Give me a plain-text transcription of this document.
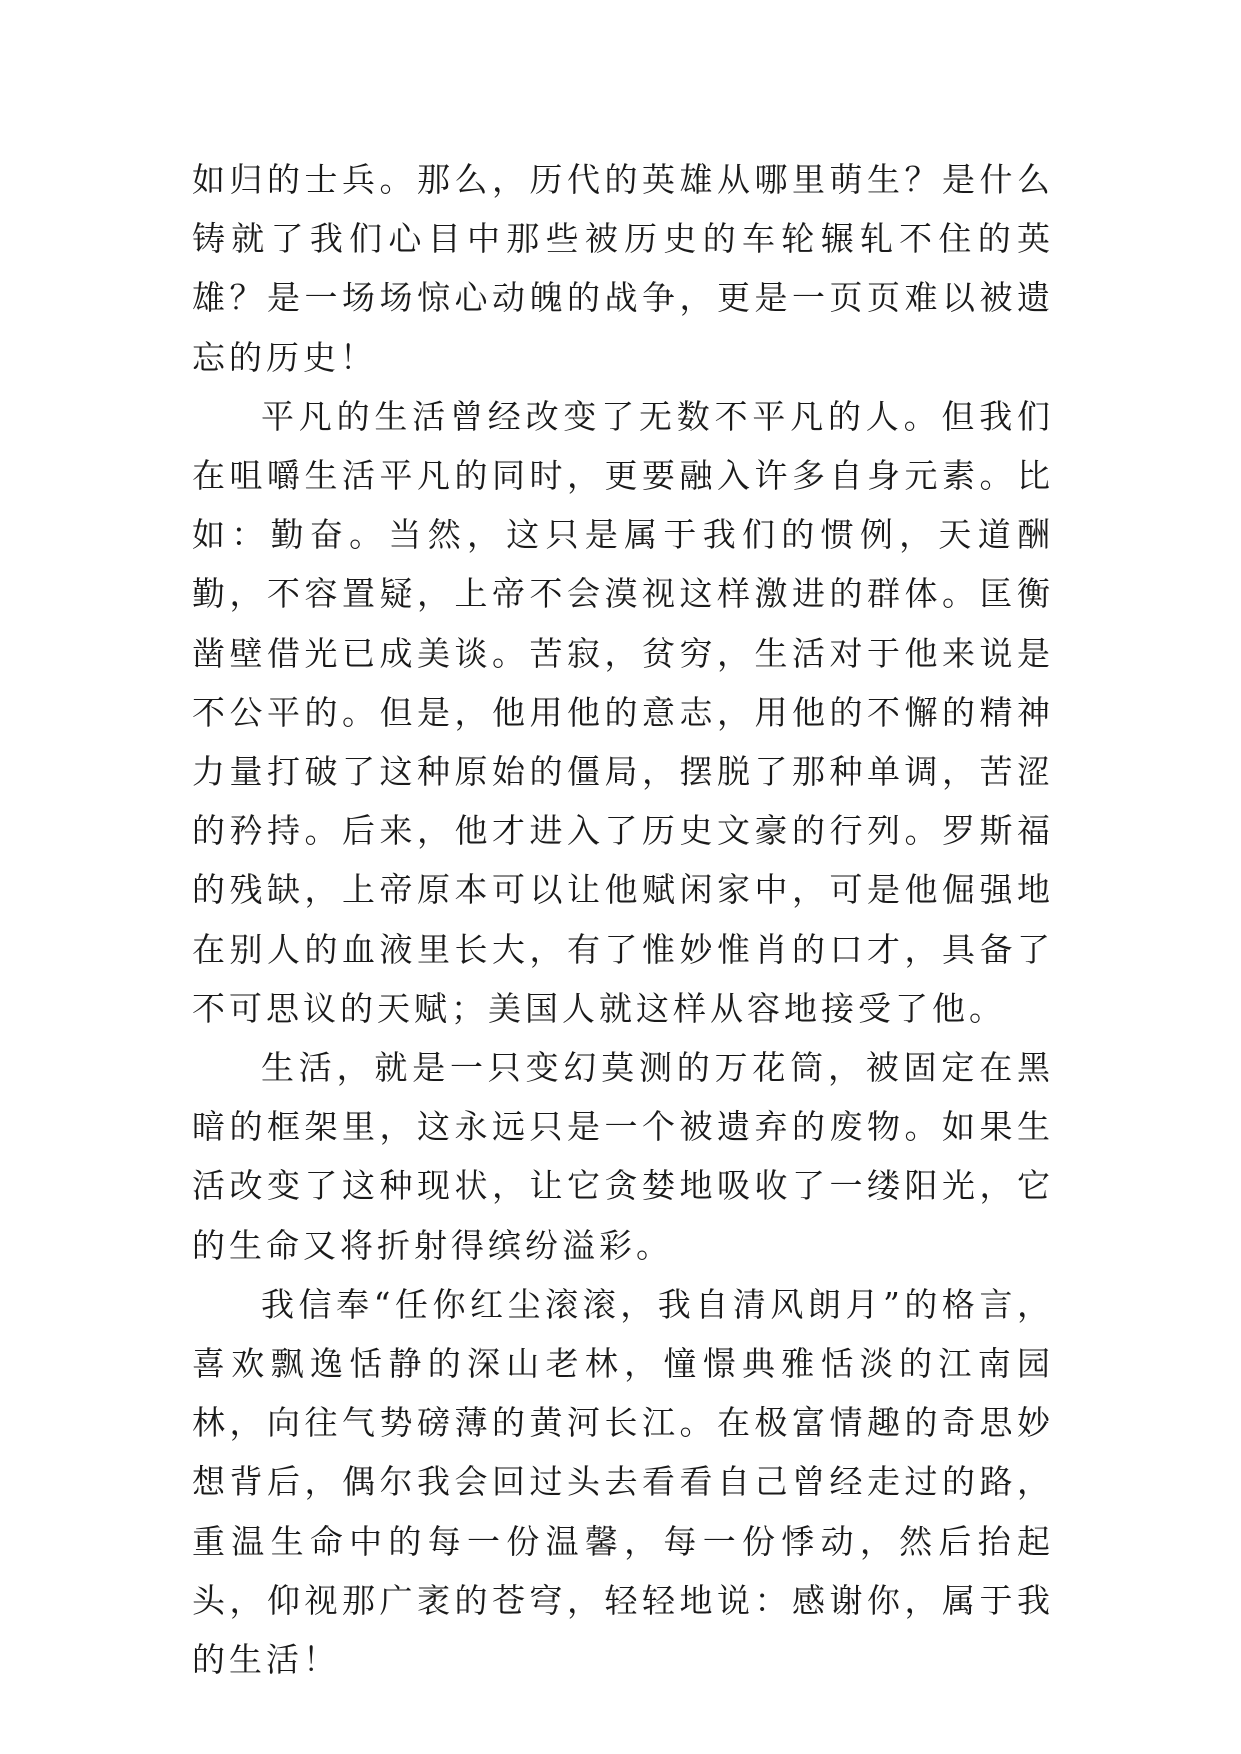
如归的士兵。那么，历代的英雄从哪里萌生？是什么铸就了我们心目中那些被历史的车轮辗轧不住的英雄？是一场场惊心动魄的战争，更是一页页难以被遗忘的历史！

平凡的生活曾经改变了无数不平凡的人。但我们在咀嚼生活平凡的同时，更要融入许多自身元素。比如：勤奋。当然，这只是属于我们的惯例，天道酬勤，不容置疑，上帝不会漠视这样激进的群体。匡衡凿壁借光已成美谈。苦寂，贫穷，生活对于他来说是不公平的。但是，他用他的意志，用他的不懈的精神力量打破了这种原始的僵局，摆脱了那种单调，苦涩的矜持。后来，他才进入了历史文豪的行列。罗斯福的残缺，上帝原本可以让他赋闲家中，可是他倔强地在别人的血液里长大，有了惟妙惟肖的口才，具备了不可思议的天赋；美国人就这样从容地接受了他。

生活，就是一只变幻莫测的万花筒，被固定在黑暗的框架里，这永远只是一个被遗弃的废物。如果生活改变了这种现状，让它贪婪地吸收了一缕阳光，它的生命又将折射得缤纷溢彩。

我信奉“任你红尘滚滚，我自清风朗月”的格言，喜欢飘逸恬静的深山老林，憧憬典雅恬淡的江南园林，向往气势磅薄的黄河长江。在极富情趣的奇思妙想背后，偶尔我会回过头去看看自己曾经走过的路，重温生命中的每一份温馨，每一份悸动，然后抬起头，仰视那广袤的苍穹，轻轻地说：感谢你，属于我的生活！
